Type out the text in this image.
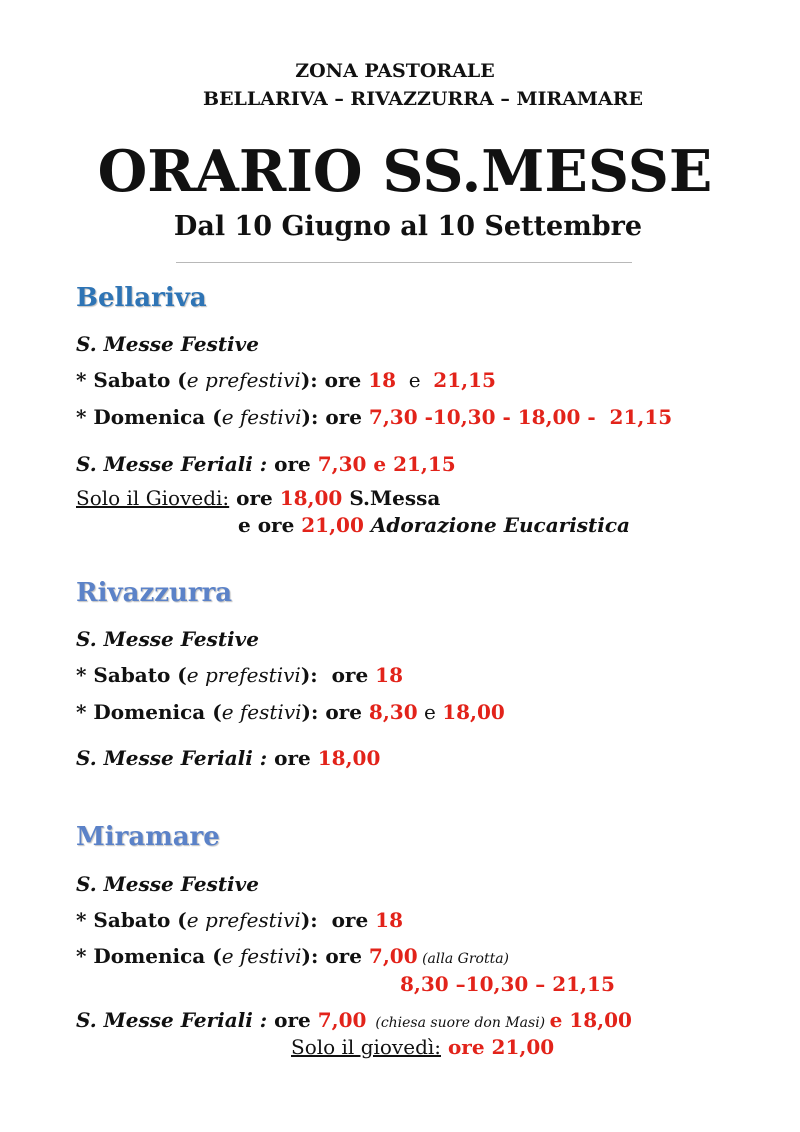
ZONA PASTORALE
BELLARIVA – RIVAZZURRA – MIRAMARE
ORARIO SS.MESSE
Dal 10 Giugno al 10 Settembre
Bellariva
S. Messe Festive
* Sabato (e prefestivi): ore 18  e  21,15
* Domenica (e festivi): ore 7,30 -10,30 - 18,00 -  21,15
S. Messe Feriali : ore 7,30 e 21,15
Solo il Giovedi: ore 18,00 S.Messa
e ore 21,00 Adorazione Eucaristica
Rivazzurra
S. Messe Festive
* Sabato (e prefestivi):  ore 18
* Domenica (e festivi): ore 8,30 e 18,00
S. Messe Feriali : ore 18,00
Miramare
S. Messe Festive
* Sabato (e prefestivi):  ore 18
* Domenica (e festivi): ore 7,00 (alla Grotta)
8,30 –10,30 – 21,15
S. Messe Feriali : ore 7,00  (chiesa suore don Masi) e 18,00
Solo il giovedì: ore 21,00
